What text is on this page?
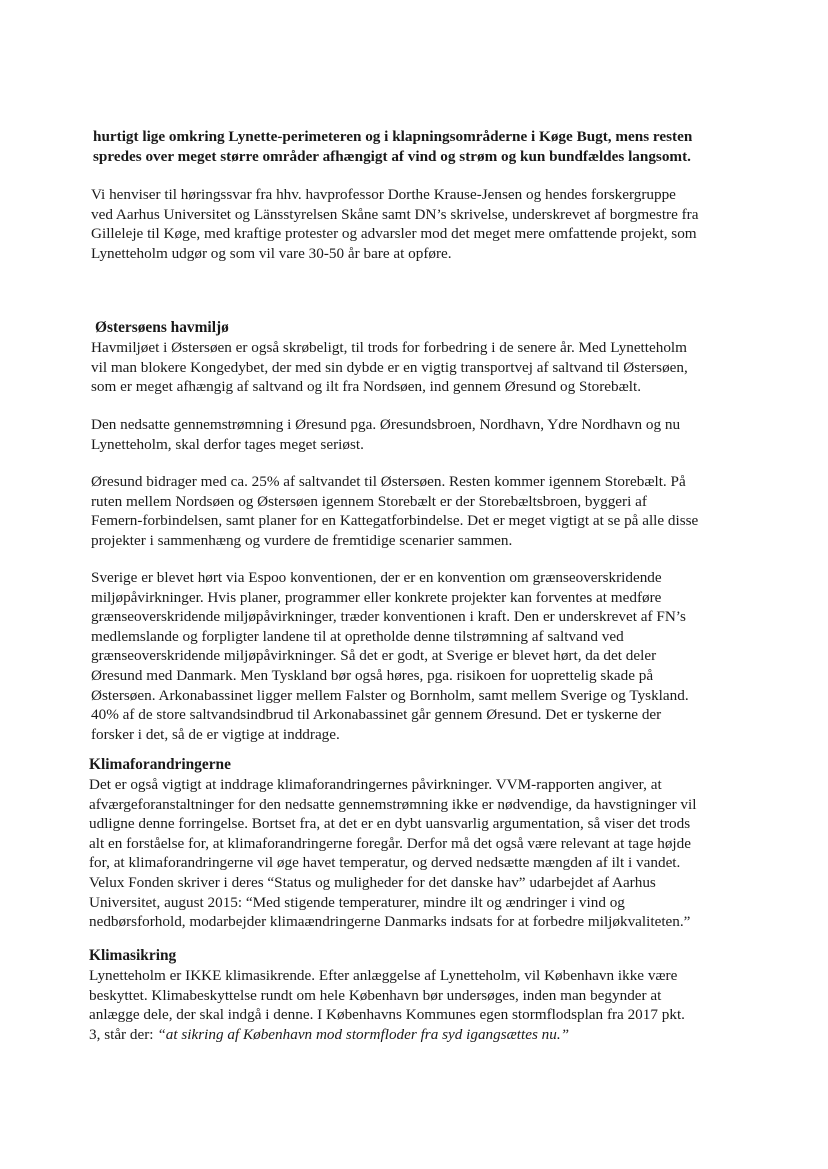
hurtigt lige omkring Lynette-perimeteren og i klapningsområderne i Køge Bugt, mens resten
spredes over meget større områder afhængigt af vind og strøm og kun bundfældes langsomt.
Vi henviser til høringssvar fra hhv. havprofessor Dorthe Krause-Jensen og hendes forskergruppe
ved Aarhus Universitet og Länsstyrelsen Skåne samt DN’s skrivelse, underskrevet af borgmestre fra
Gilleleje til Køge, med kraftige protester og advarsler mod det meget mere omfattende projekt, som
Lynetteholm udgør og som vil vare 30-50 år bare at opføre.
Østersøens havmiljø
Havmiljøet i Østersøen er også skrøbeligt, til trods for forbedring i de senere år. Med Lynetteholm
vil man blokere Kongedybet, der med sin dybde er en vigtig transportvej af saltvand til Østersøen,
som er meget afhængig af saltvand og ilt fra Nordsøen, ind gennem Øresund og Storebælt.
Den nedsatte gennemstrømning i Øresund pga. Øresundsbroen, Nordhavn, Ydre Nordhavn og nu
Lynetteholm, skal derfor tages meget seriøst.
Øresund bidrager med ca. 25% af saltvandet til Østersøen. Resten kommer igennem Storebælt. På
ruten mellem Nordsøen og Østersøen igennem Storebælt er der Storebæltsbroen, byggeri af
Femern-forbindelsen, samt planer for en Kattegatforbindelse. Det er meget vigtigt at se på alle disse
projekter i sammenhæng og vurdere de fremtidige scenarier sammen.
Sverige er blevet hørt via Espoo konventionen, der er en konvention om grænseoverskridende
miljøpåvirkninger. Hvis planer, programmer eller konkrete projekter kan forventes at medføre
grænseoverskridende miljøpåvirkninger, træder konventionen i kraft. Den er underskrevet af FN’s
medlemslande og forpligter landene til at opretholde denne tilstrømning af saltvand ved
grænseoverskridende miljøpåvirkninger. Så det er godt, at Sverige er blevet hørt, da det deler
Øresund med Danmark. Men Tyskland bør også høres, pga. risikoen for uoprettelig skade på
Østersøen. Arkonabassinet ligger mellem Falster og Bornholm, samt mellem Sverige og Tyskland.
40% af de store saltvandsindbrud til Arkonabassinet går gennem Øresund. Det er tyskerne der
forsker i det, så de er vigtige at inddrage.
Klimaforandringerne
Det er også vigtigt at inddrage klimaforandringernes påvirkninger. VVM-rapporten angiver, at
afværgeforanstaltninger for den nedsatte gennemstrømning ikke er nødvendige, da havstigninger vil
udligne denne forringelse. Bortset fra, at det er en dybt uansvarlig argumentation, så viser det trods
alt en forståelse for, at klimaforandringerne foregår. Derfor må det også være relevant at tage højde
for, at klimaforandringerne vil øge havet temperatur, og derved nedsætte mængden af ilt i vandet.
Velux Fonden skriver i deres “Status og muligheder for det danske hav” udarbejdet af Aarhus
Universitet, august 2015: “Med stigende temperaturer, mindre ilt og ændringer i vind og
nedbørsforhold, modarbejder klimaændringerne Danmarks indsats for at forbedre miljøkvaliteten.”
Klimasikring
Lynetteholm er IKKE klimasikrende. Efter anlæggelse af Lynetteholm, vil København ikke være
beskyttet. Klimabeskyttelse rundt om hele København bør undersøges, inden man begynder at
anlægge dele, der skal indgå i denne. I Københavns Kommunes egen stormflodsplan fra 2017 pkt.
3, står der: “at sikring af København mod stormfloder fra syd igangsættes nu.”
